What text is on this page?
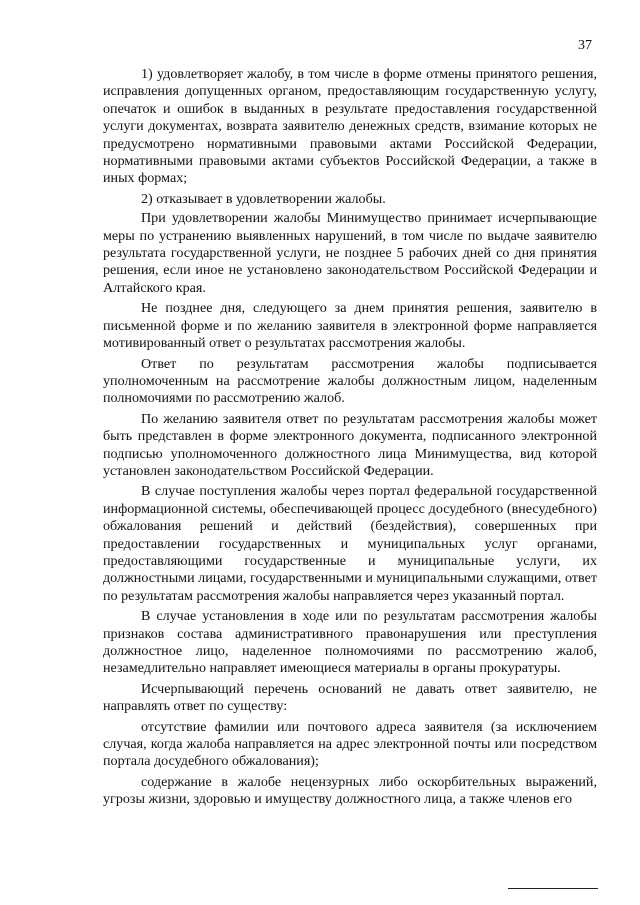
37

1) удовлетворяет жалобу, в том числе в форме отмены принятого решения, исправления допущенных органом, предоставляющим государственную услугу, опечаток и ошибок в выданных в результате предоставления государственной услуги документах, возврата заявителю денежных средств, взимание которых не предусмотрено нормативными правовыми актами Российской Федерации, нормативными правовыми актами субъектов Российской Федерации, а также в иных формах;

2) отказывает в удовлетворении жалобы.

При удовлетворении жалобы Минимущество принимает исчерпывающие меры по устранению выявленных нарушений, в том числе по выдаче заявителю результата государственной услуги, не позднее 5 рабочих дней со дня принятия решения, если иное не установлено законодательством Российской Федерации и Алтайского края.

Не позднее дня, следующего за днем принятия решения, заявителю в письменной форме и по желанию заявителя в электронной форме направляется мотивированный ответ о результатах рассмотрения жалобы.

Ответ по результатам рассмотрения жалобы подписывается уполномоченным на рассмотрение жалобы должностным лицом, наделенным полномочиями по рассмотрению жалоб.

По желанию заявителя ответ по результатам рассмотрения жалобы может быть представлен в форме электронного документа, подписанного электронной подписью уполномоченного должностного лица Минимущества, вид которой установлен законодательством Российской Федерации.

В случае поступления жалобы через портал федеральной государственной информационной системы, обеспечивающей процесс досудебного (внесудебного) обжалования решений и действий (бездействия), совершенных при предоставлении государственных и муниципальных услуг органами, предоставляющими государственные и муниципальные услуги, их должностными лицами, государственными и муниципальными служащими, ответ по результатам рассмотрения жалобы направляется через указанный портал.

В случае установления в ходе или по результатам рассмотрения жалобы признаков состава административного правонарушения или преступления должностное лицо, наделенное полномочиями по рассмотрению жалоб, незамедлительно направляет имеющиеся материалы в органы прокуратуры.

Исчерпывающий перечень оснований не давать ответ заявителю, не направлять ответ по существу:

отсутствие фамилии или почтового адреса заявителя (за исключением случая, когда жалоба направляется на адрес электронной почты или посредством портала досудебного обжалования);

содержание в жалобе нецензурных либо оскорбительных выражений, угрозы жизни, здоровью и имуществу должностного лица, а также членов его
